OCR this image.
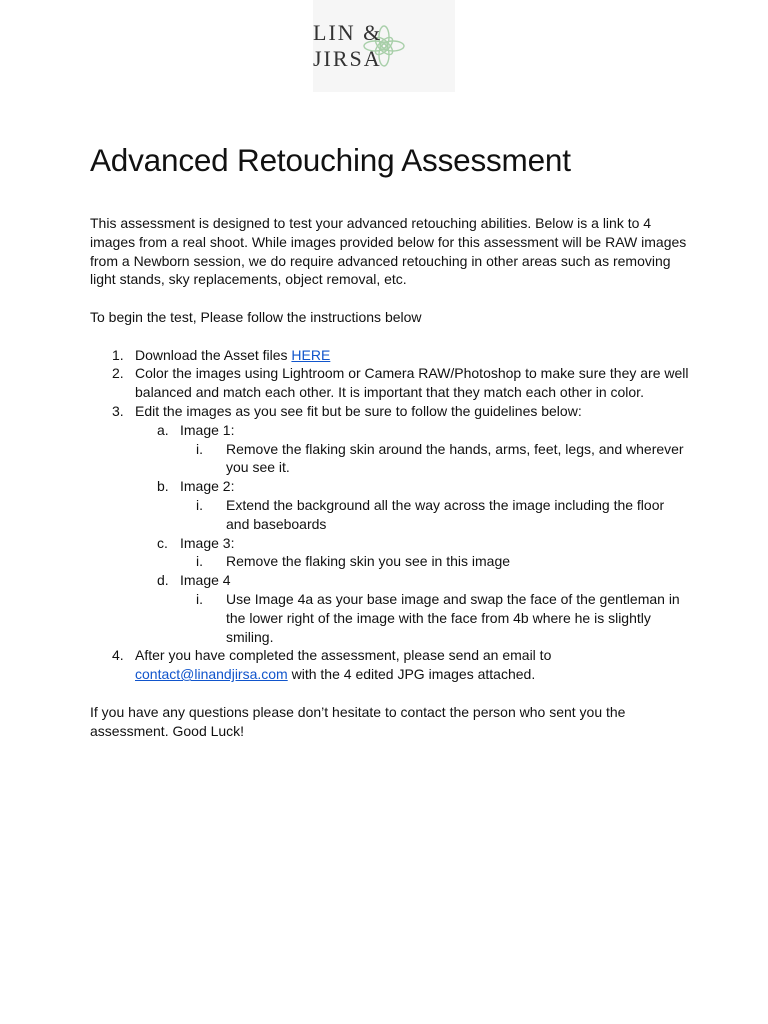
LIN & JIRSA
Advanced Retouching Assessment

This assessment is designed to test your advanced retouching abilities. Below is a link to 4 images from a real shoot. While images provided below for this assessment will be RAW images from a Newborn session, we do require advanced retouching in other areas such as removing light stands, sky replacements, object removal, etc.

To begin the test, Please follow the instructions below

1. Download the Asset files HERE
2. Color the images using Lightroom or Camera RAW/Photoshop to make sure they are well balanced and match each other. It is important that they match each other in color.
3. Edit the images as you see fit but be sure to follow the guidelines below:
a. Image 1:
i. Remove the flaking skin around the hands, arms, feet, legs, and wherever you see it.
b. Image 2:
i. Extend the background all the way across the image including the floor and baseboards
c. Image 3:
i. Remove the flaking skin you see in this image
d. Image 4
i. Use Image 4a as your base image and swap the face of the gentleman in the lower right of the image with the face from 4b where he is slightly smiling.
4. After you have completed the assessment, please send an email to contact@linandjirsa.com with the 4 edited JPG images attached.

If you have any questions please don’t hesitate to contact the person who sent you the assessment. Good Luck!
